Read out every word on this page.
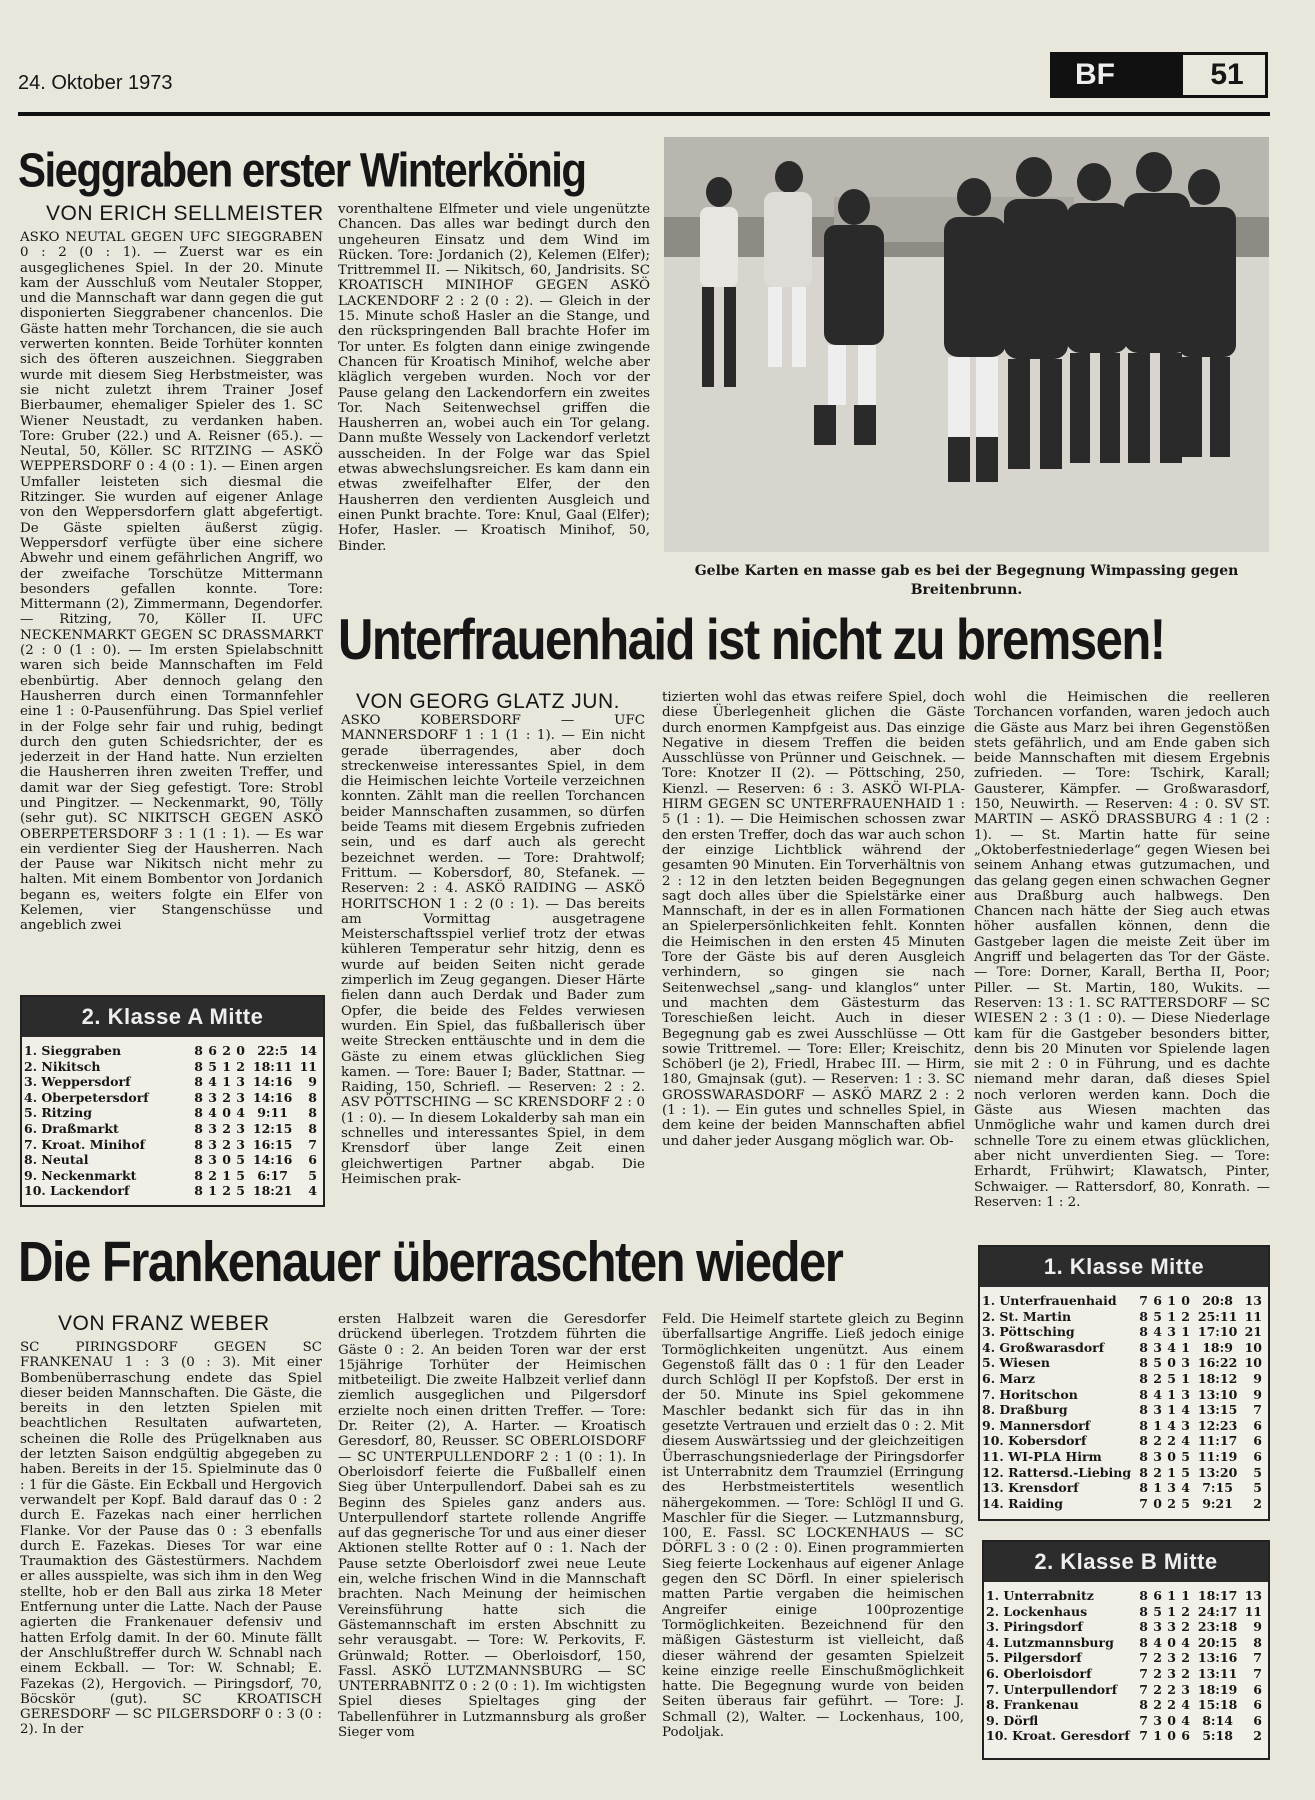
24. Oktober 1973	BF	51
Sieggraben erster Winterkönig
VON ERICH SELLMEISTER
ASKÖ NEUTAL GEGEN UFC SIEGGRABEN 0 : 2 (0 : 1). — Zuerst war es ein ausgeglichenes Spiel. In der 20. Minute kam der Ausschluß vom Neutaler Stopper, und die Mannschaft war dann gegen die gut disponierten Sieggrabener chancenlos. Die Gäste hatten mehr Torchancen, die sie auch verwerten konnten. Beide Torhüter konnten sich des öfteren auszeichnen. Sieggraben wurde mit diesem Sieg Herbstmeister, was sie nicht zuletzt ihrem Trainer Josef Bierbaumer, ehemaliger Spieler des 1. SC Wiener Neustadt, zu verdanken haben. Tore: Gruber (22.) und A. Reisner (65.). — Neutal, 50, Köller. SC RITZING — ASKÖ WEPPERSDORF 0 : 4 (0 : 1). — Einen argen Umfaller leisteten sich diesmal die Ritzinger. Sie wurden auf eigener Anlage von den Weppersdorfern glatt abgefertigt. De Gäste spielten äußerst zügig. Weppersdorf verfügte über eine sichere Abwehr und einem gefährlichen Angriff, wo der zweifache Torschütze Mittermann besonders gefallen konnte. Tore: Mittermann (2), Zimmermann, Degendorfer. — Ritzing, 70, Köller II. UFC NECKENMARKT GEGEN SC DRASSMARKT (2 : 0 (1 : 0). — Im ersten Spielabschnitt waren sich beide Mannschaften im Feld ebenbürtig. Aber dennoch gelang den Hausherren durch einen Tormannfehler eine 1 : 0-Pausenführung. Das Spiel verlief in der Folge sehr fair und ruhig, bedingt durch den guten Schiedsrichter, der es jederzeit in der Hand hatte. Nun erzielten die Hausherren ihren zweiten Treffer, und damit war der Sieg gefestigt. Tore: Strobl und Pingitzer. — Neckenmarkt, 90, Tölly (sehr gut). SC NIKITSCH GEGEN ASKÖ OBERPETERSDORF 3 : 1 (1 : 1). — Es war ein verdienter Sieg der Hausherren. Nach der Pause war Nikitsch nicht mehr zu halten. Mit einem Bombentor von Jordanich begann es, weiters folgte ein Elfer von Kelemen, vier Stangenschüsse und angeblich zwei
vorenthaltene Elfmeter und viele ungenützte Chancen. Das alles war bedingt durch den ungeheuren Einsatz und dem Wind im Rücken. Tore: Jordanich (2), Kelemen (Elfer); Trittremmel II. — Nikitsch, 60, Jandrisits. SC KROATISCH MINIHOF GEGEN ASKÖ LACKENDORF 2 : 2 (0 : 2). — Gleich in der 15. Minute schoß Hasler an die Stange, und den rückspringenden Ball brachte Hofer im Tor unter. Es folgten dann einige zwingende Chancen für Kroatisch Minihof, welche aber kläglich vergeben wurden. Noch vor der Pause gelang den Lackendorfern ein zweites Tor. Nach Seitenwechsel griffen die Hausherren an, wobei auch ein Tor gelang. Dann mußte Wessely von Lackendorf verletzt ausscheiden. In der Folge war das Spiel etwas abwechslungsreicher. Es kam dann ein etwas zweifelhafter Elfer, der den Hausherren den verdienten Ausgleich und einen Punkt brachte. Tore: Knul, Gaal (Elfer); Hofer, Hasler. — Kroatisch Minihof, 50, Binder.
Gelbe Karten en masse gab es bei der Begegnung Wimpassing gegen Breitenbrunn.
Unterfrauenhaid ist nicht zu bremsen!
2. Klasse A Mitte
1. Sieggraben	8	6	2	0	22:5	14
2. Nikitsch	8	5	1	2	18:11	11
3. Weppersdorf	8	4	1	3	14:16	9
4. Oberpetersdorf	8	3	2	3	14:16	8
5. Ritzing	8	4	0	4	9:11	8
6. Draßmarkt	8	3	2	3	12:15	8
7. Kroat. Minihof	8	3	2	3	16:15	7
8. Neutal	8	3	0	5	14:16	6
9. Neckenmarkt	8	2	1	5	6:17	5
10. Lackendorf	8	1	2	5	18:21	4
VON GEORG GLATZ JUN.
ASKÖ KOBERSDORF — UFC MANNERSDORF 1 : 1 (1 : 1). — Ein nicht gerade überragendes, aber doch streckenweise interessantes Spiel, in dem die Heimischen leichte Vorteile verzeichnen konnten. Zählt man die reellen Torchancen beider Mannschaften zusammen, so dürfen beide Teams mit diesem Ergebnis zufrieden sein, und es darf auch als gerecht bezeichnet werden. — Tore: Drahtwolf; Frittum. — Kobersdorf, 80, Stefanek. — Reserven: 2 : 4. ASKÖ RAIDING — ASKÖ HORITSCHON 1 : 2 (0 : 1). — Das bereits am Vormittag ausgetragene Meisterschaftsspiel verlief trotz der etwas kühleren Temperatur sehr hitzig, denn es wurde auf beiden Seiten nicht gerade zimperlich im Zeug gegangen. Dieser Härte fielen dann auch Derdak und Bader zum Opfer, die beide des Feldes verwiesen wurden. Ein Spiel, das fußballerisch über weite Strecken enttäuschte und in dem die Gäste zu einem etwas glücklichen Sieg kamen. — Tore: Bauer I; Bader, Stattnar. — Raiding, 150, Schriefl. — Reserven: 2 : 2. ASV PÖTTSCHING — SC KRENSDORF 2 : 0 (1 : 0). — In diesem Lokalderby sah man ein schnelles und interessantes Spiel, in dem Krensdorf über lange Zeit einen gleichwertigen Partner abgab. Die Heimischen prak-
tizierten wohl das etwas reifere Spiel, doch diese Überlegenheit glichen die Gäste durch enormen Kampfgeist aus. Das einzige Negative in diesem Treffen die beiden Ausschlüsse von Prünner und Geischnek. — Tore: Knotzer II (2). — Pöttsching, 250, Kienzl. — Reserven: 6 : 3. ASKÖ WI-PLA-HIRM GEGEN SC UNTERFRAUENHAID 1 : 5 (1 : 1). — Die Heimischen schossen zwar den ersten Treffer, doch das war auch schon der einzige Lichtblick während der gesamten 90 Minuten. Ein Torverhältnis von 2 : 12 in den letzten beiden Begegnungen sagt doch alles über die Spielstärke einer Mannschaft, in der es in allen Formationen an Spielerpersönlichkeiten fehlt. Konnten die Heimischen in den ersten 45 Minuten Tore der Gäste bis auf deren Ausgleich verhindern, so gingen sie nach Seitenwechsel „sang- und klanglos“ unter und machten dem Gästesturm das Toreschießen leicht. Auch in dieser Begegnung gab es zwei Ausschlüsse — Ott sowie Trittremel. — Tore: Eller; Kreischitz, Schöberl (je 2), Friedl, Hrabec III. — Hirm, 180, Gmajnsak (gut). — Reserven: 1 : 3. SC GROSSWARASDORF — ASKÖ MARZ 2 : 2 (1 : 1). — Ein gutes und schnelles Spiel, in dem keine der beiden Mannschaften abfiel und daher jeder Ausgang möglich war. Ob-
wohl die Heimischen die reelleren Torchancen vorfanden, waren jedoch auch die Gäste aus Marz bei ihren Gegenstößen stets gefährlich, und am Ende gaben sich beide Mannschaften mit diesem Ergebnis zufrieden. — Tore: Tschirk, Karall; Gausterer, Kämpfer. — Großwarasdorf, 150, Neuwirth. — Reserven: 4 : 0. SV ST. MARTIN — ASKÖ DRASSBURG 4 : 1 (2 : 1). — St. Martin hatte für seine „Oktoberfestniederlage“ gegen Wiesen bei seinem Anhang etwas gutzumachen, und das gelang gegen einen schwachen Gegner aus Draßburg auch halbwegs. Den Chancen nach hätte der Sieg auch etwas höher ausfallen können, denn die Gastgeber lagen die meiste Zeit über im Angriff und belagerten das Tor der Gäste. — Tore: Dorner, Karall, Bertha II, Poor; Piller. — St. Martin, 180, Wukits. — Reserven: 13 : 1. SC RATTERSDORF — SC WIESEN 2 : 3 (1 : 0). — Diese Niederlage kam für die Gastgeber besonders bitter, denn bis 20 Minuten vor Spielende lagen sie mit 2 : 0 in Führung, und es dachte niemand mehr daran, daß dieses Spiel noch verloren werden kann. Doch die Gäste aus Wiesen machten das Unmögliche wahr und kamen durch drei schnelle Tore zu einem etwas glücklichen, aber nicht unverdienten Sieg. — Tore: Erhardt, Frühwirt; Klawatsch, Pinter, Schwaiger. — Rattersdorf, 80, Konrath. — Reserven: 1 : 2.
Die Frankenauer überraschten wieder	1. Klasse Mitte
1. Unterfrauenhaid	7	6	1	0	20:8	13
2. St. Martin	8	5	1	2	25:11	11
3. Pöttsching	8	4	3	1	17:10	21
4. Großwarasdorf	8	3	4	1	18:9	10
5. Wiesen	8	5	0	3	16:22	10
6. Marz	8	2	5	1	18:12	9
7. Horitschon	8	4	1	3	13:10	9
8. Draßburg	8	3	1	4	13:15	7
9. Mannersdorf	8	1	4	3	12:23	6
10. Kobersdorf	8	2	2	4	11:17	6
11. WI-PLA Hirm	8	3	0	5	11:19	6
12. Rattersd.-Liebing	8	2	1	5	13:20	5
13. Krensdorf	8	1	3	4	7:15	5
14. Raiding	7	0	2	5	9:21	2
VON FRANZ WEBER
SC PIRINGSDORF GEGEN SC FRANKENAU 1 : 3 (0 : 3). Mit einer Bombenüberraschung endete das Spiel dieser beiden Mannschaften. Die Gäste, die bereits in den letzten Spielen mit beachtlichen Resultaten aufwarteten, scheinen die Rolle des Prügelknaben aus der letzten Saison endgültig abgegeben zu haben. Bereits in der 15. Spielminute das 0 : 1 für die Gäste. Ein Eckball und Hergovich verwandelt per Kopf. Bald darauf das 0 : 2 durch E. Fazekas nach einer herrlichen Flanke. Vor der Pause das 0 : 3 ebenfalls durch E. Fazekas. Dieses Tor war eine Traumaktion des Gästestürmers. Nachdem er alles ausspielte, was sich ihm in den Weg stellte, hob er den Ball aus zirka 18 Meter Entfernung unter die Latte. Nach der Pause agierten die Frankenauer defensiv und hatten Erfolg damit. In der 60. Minute fällt der Anschlußtreffer durch W. Schnabl nach einem Eckball. — Tor: W. Schnabl; E. Fazekas (2), Hergovich. — Piringsdorf, 70, Böcskör (gut). SC KROATISCH GERESDORF — SC PILGERSDORF 0 : 3 (0 : 2). In der
ersten Halbzeit waren die Geresdorfer drückend überlegen. Trotzdem führten die Gäste 0 : 2. An beiden Toren war der erst 15jährige Torhüter der Heimischen mitbeteiligt. Die zweite Halbzeit verlief dann ziemlich ausgeglichen und Pilgersdorf erzielte noch einen dritten Treffer. — Tore: Dr. Reiter (2), A. Harter. — Kroatisch Geresdorf, 80, Reusser. SC OBERLOISDORF — SC UNTERPULLENDORF 2 : 1 (0 : 1). In Oberloisdorf feierte die Fußballelf einen Sieg über Unterpullendorf. Dabei sah es zu Beginn des Spieles ganz anders aus. Unterpullendorf startete rollende Angriffe auf das gegnerische Tor und aus einer dieser Aktionen stellte Rotter auf 0 : 1. Nach der Pause setzte Oberloisdorf zwei neue Leute ein, welche frischen Wind in die Mannschaft brachten. Nach Meinung der heimischen Vereinsführung hatte sich die Gästemannschaft im ersten Abschnitt zu sehr verausgabt. — Tore: W. Perkovits, F. Grünwald; Rotter. — Oberloisdorf, 150, Fassl. ASKÖ LUTZMANNSBURG — SC UNTERRABNITZ 0 : 2 (0 : 1). Im wichtigsten Spiel dieses Spieltages ging der Tabellenführer in Lutzmannsburg als großer Sieger vom
Feld. Die Heimelf startete gleich zu Beginn überfallsartige Angriffe. Ließ jedoch einige Tormöglichkeiten ungenützt. Aus einem Gegenstoß fällt das 0 : 1 für den Leader durch Schlögl II per Kopfstoß. Der erst in der 50. Minute ins Spiel gekommene Maschler bedankt sich für das in ihn gesetzte Vertrauen und erzielt das 0 : 2. Mit diesem Auswärtssieg und der gleichzeitigen Überraschungsniederlage der Piringsdorfer ist Unterrabnitz dem Traumziel (Erringung des Herbstmeistertitels wesentlich nähergekommen. — Tore: Schlögl II und G. Maschler für die Sieger. — Lutzmannsburg, 100, E. Fassl. SC LOCKENHAUS — SC DÖRFL 3 : 0 (2 : 0). Einen programmierten Sieg feierte Lockenhaus auf eigener Anlage gegen den SC Dörfl. In einer spielerisch matten Partie vergaben die heimischen Angreifer einige 100prozentige Tormöglichkeiten. Bezeichnend für den mäßigen Gästesturm ist vielleicht, daß dieser während der gesamten Spielzeit keine einzige reelle Einschußmöglichkeit hatte. Die Begegnung wurde von beiden Seiten überaus fair geführt. — Tore: J. Schmall (2), Walter. — Lockenhaus, 100, Podoljak.
2. Klasse B Mitte
1. Unterrabnitz	8	6	1	1	18:17	13
2. Lockenhaus	8	5	1	2	24:17	11
3. Piringsdorf	8	3	3	2	23:18	9
4. Lutzmannsburg	8	4	0	4	20:15	8
5. Pilgersdorf	7	2	3	2	13:16	7
6. Oberloisdorf	7	2	3	2	13:11	7
7. Unterpullendorf	7	2	2	3	18:19	6
8. Frankenau	8	2	2	4	15:18	6
9. Dörfl	7	3	0	4	8:14	6
10. Kroat. Geresdorf	7	1	0	6	5:18	2
